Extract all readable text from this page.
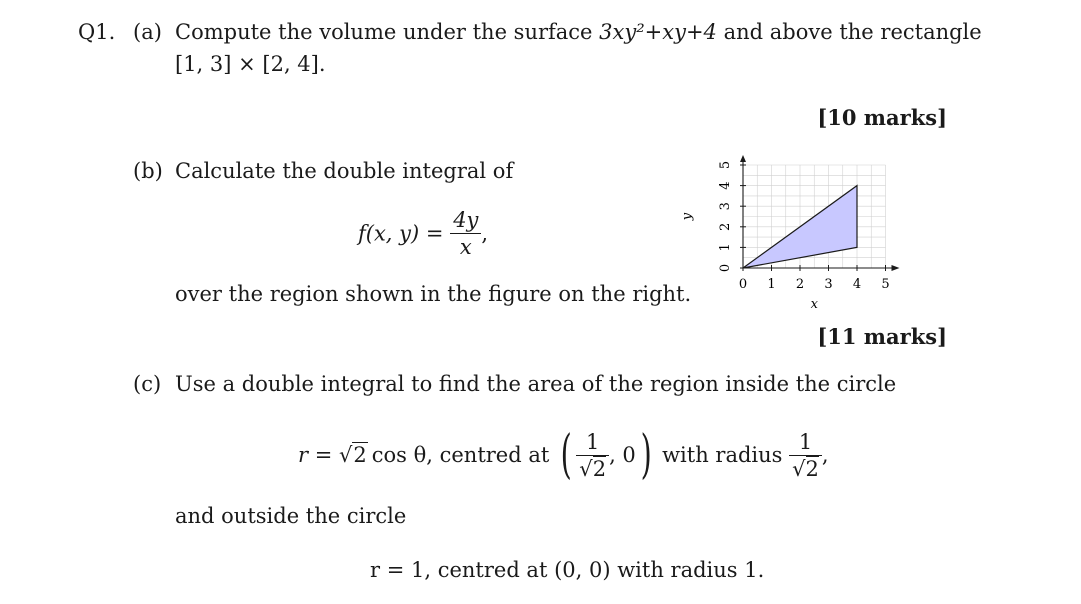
Q1. (a) Compute the volume under the surface 3xy²+xy+4 and above the rectangle
[1, 3] × [2, 4].
[10 marks]
(b) Calculate the double integral of
f(x, $y) = \frac{4y}{x}$ ,
over the region shown in the figure on the right.
[11 marks]
0 1 2 3 4 5
0
1
2
3
4
5
x
y
(c) Use a double integral to find the area of the region inside the circle
r =
√2 cos θ, centred at
( $\frac{1}{√2}$ , 0 ) with radius
$\frac{1}{√2}$ ,
and outside the circle
r = 1, centred at (0, 0) with radius 1.
